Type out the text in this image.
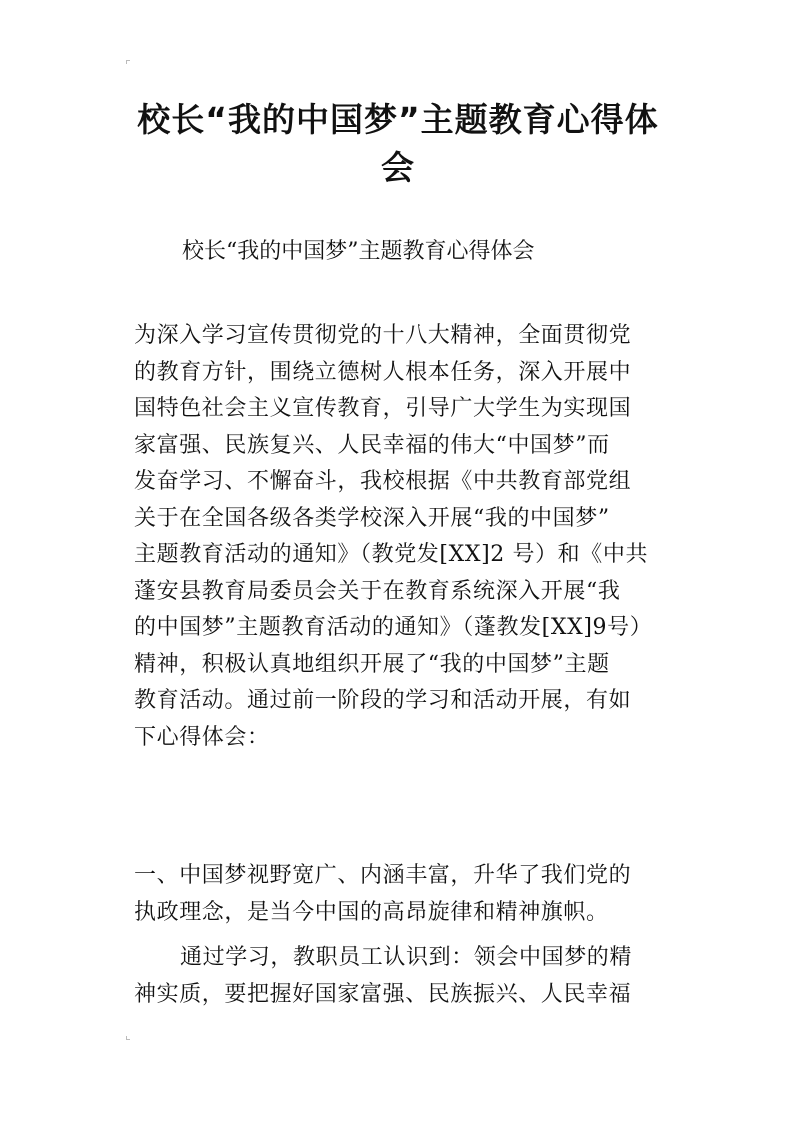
校长“我的中国梦”主题教育心得体会

校长“我的中国梦”主题教育心得体会

为深入学习宣传贯彻党的十八大精神，全面贯彻党
的教育方针，围绕立德树人根本任务，深入开展中
国特色社会主义宣传教育，引导广大学生为实现国
家富强、民族复兴、人民幸福的伟大“中国梦”而
发奋学习、不懈奋斗，我校根据《中共教育部党组
关于在全国各级各类学校深入开展“我的中国梦”
主题教育活动的通知》（教党发[XX]2 号）和《中共
蓬安县教育局委员会关于在教育系统深入开展“我
的中国梦”主题教育活动的通知》（蓬教发[XX]9号）
精神，积极认真地组织开展了“我的中国梦”主题
教育活动。通过前一阶段的学习和活动开展，有如
下心得体会：
一、中国梦视野宽广、内涵丰富，升华了我们党的
执政理念，是当今中国的高昂旋律和精神旗帜。
通过学习，教职员工认识到：领会中国梦的精
神实质，要把握好国家富强、民族振兴、人民幸福
